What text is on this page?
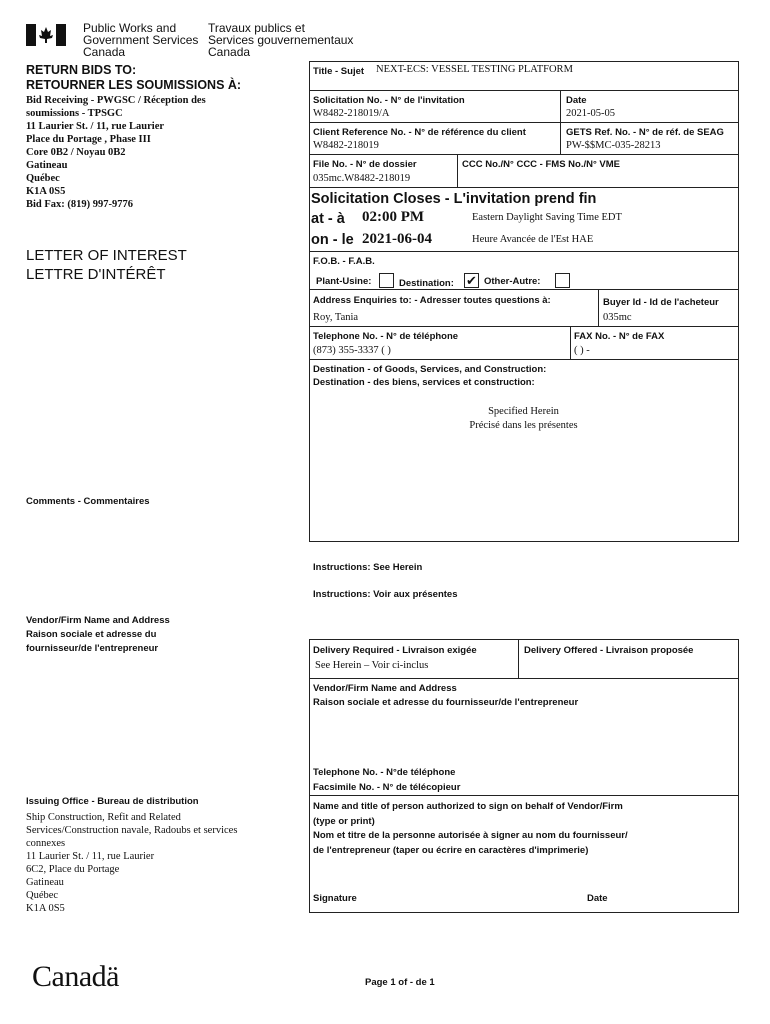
Public Works and
Government Services
Canada
Travaux publics et
Services gouvernementaux
Canada
RETURN BIDS TO:
RETOURNER LES SOUMISSIONS À:
Bid Receiving - PWGSC / Réception des
soumissions - TPSGC
11 Laurier St. / 11, rue Laurier
Place du Portage , Phase III
Core 0B2 / Noyau 0B2
Gatineau
Québec
K1A 0S5
Bid Fax: (819) 997-9776
LETTER OF INTEREST
LETTRE D'INTÉRÊT
Comments - Commentaires
Vendor/Firm Name and Address
Raison sociale et adresse du
fournisseur/de l'entrepreneur
Issuing Office - Bureau de distribution
Ship Construction, Refit and Related
Services/Construction navale, Radoubs et services
connexes
11 Laurier St. / 11, rue Laurier
6C2, Place du Portage
Gatineau
Québec
K1A 0S5
Title - Sujet NEXT-ECS: VESSEL TESTING PLATFORM
Solicitation No. - N° de l'invitation
W8482-218019/A
Date
2021-05-05
Client Reference No. - N° de référence du client
W8482-218019
GETS Ref. No. - N° de réf. de SEAG
PW-$$MC-035-28213
File No. - N° de dossier
035mc.W8482-218019
CCC No./N° CCC - FMS No./N° VME
Solicitation Closes - L'invitation prend fin
at - à 02:00 PM	Eastern Daylight Saving Time EDT
on - le 2021-06-04	Heure Avancée de l'Est HAE
F.O.B. - F.A.B.
Plant-Usine:	Destination: ✔ Other-Autre:
Address Enquiries to: - Adresser toutes questions à:
Roy, Tania
Buyer Id - Id de l'acheteur
035mc
Telephone No. - N° de téléphone
(873) 355-3337 ( )
FAX No. - N° de FAX
( ) -
Destination - of Goods, Services, and Construction:
Destination - des biens, services et construction:
Specified Herein
Précisé dans les présentes
Instructions: See Herein
Instructions: Voir aux présentes
Delivery Required - Livraison exigée
See Herein – Voir ci-inclus
Delivery Offered - Livraison proposée
Vendor/Firm Name and Address
Raison sociale et adresse du fournisseur/de l'entrepreneur
Telephone No. - N°de téléphone
Facsimile No. - N° de télécopieur
Name and title of person authorized to sign on behalf of Vendor/Firm
(type or print)
Nom et titre de la personne autorisée à signer au nom du fournisseur/
de l'entrepreneur (taper ou écrire en caractères d'imprimerie)
Signature	Date
Canadä	Page 1 of - de 1
